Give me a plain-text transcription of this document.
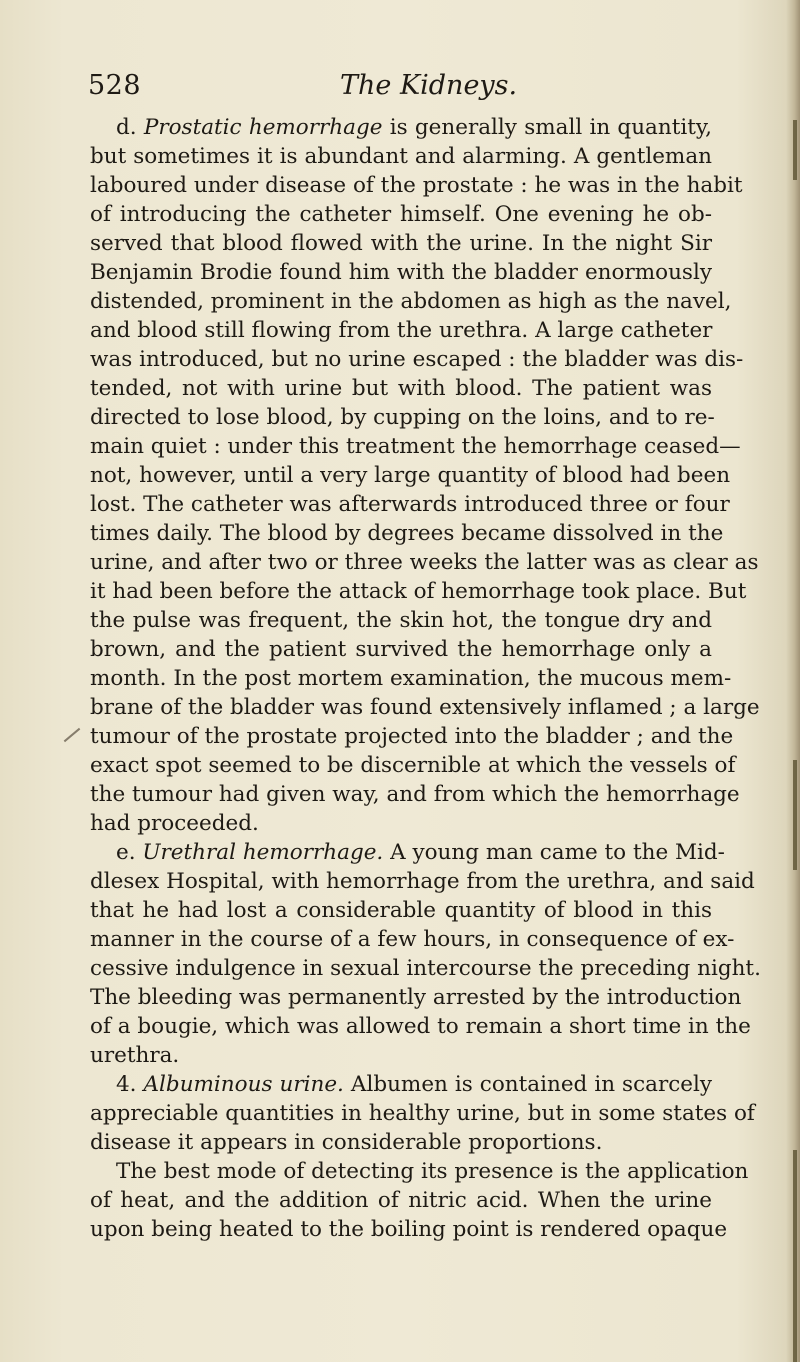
528	The Kidneys.
d. Prostatic hemorrhage is generally small in quantity,
but sometimes it is abundant and alarming. A gentleman
laboured under disease of the prostate : he was in the habit
of introducing the catheter himself. One evening he ob-
served that blood flowed with the urine. In the night Sir
Benjamin Brodie found him with the bladder enormously
distended, prominent in the abdomen as high as the navel,
and blood still flowing from the urethra. A large catheter
was introduced, but no urine escaped : the bladder was dis-
tended, not with urine but with blood. The patient was
directed to lose blood, by cupping on the loins, and to re-
main quiet : under this treatment the hemorrhage ceased—
not, however, until a very large quantity of blood had been
lost. The catheter was afterwards introduced three or four
times daily. The blood by degrees became dissolved in the
urine, and after two or three weeks the latter was as clear as
it had been before the attack of hemorrhage took place. But
the pulse was frequent, the skin hot, the tongue dry and
brown, and the patient survived the hemorrhage only a
month. In the post mortem examination, the mucous mem-
brane of the bladder was found extensively inflamed ; a large
tumour of the prostate projected into the bladder ; and the
exact spot seemed to be discernible at which the vessels of
the tumour had given way, and from which the hemorrhage
had proceeded.
e. Urethral hemorrhage. A young man came to the Mid-
dlesex Hospital, with hemorrhage from the urethra, and said
that he had lost a considerable quantity of blood in this
manner in the course of a few hours, in consequence of ex-
cessive indulgence in sexual intercourse the preceding night.
The bleeding was permanently arrested by the introduction
of a bougie, which was allowed to remain a short time in the
urethra.
4. Albuminous urine. Albumen is contained in scarcely
appreciable quantities in healthy urine, but in some states of
disease it appears in considerable proportions.
The best mode of detecting its presence is the application
of heat, and the addition of nitric acid. When the urine
upon being heated to the boiling point is rendered opaque
